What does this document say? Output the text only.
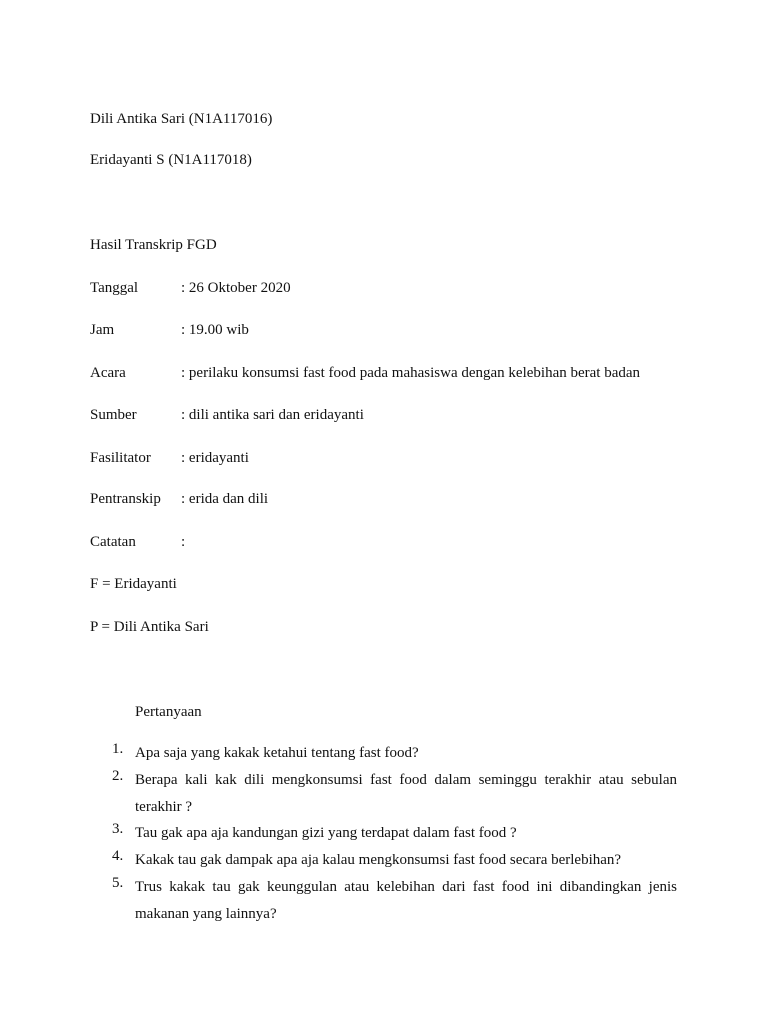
Dili Antika Sari (N1A117016)
Eridayanti S (N1A117018)
Hasil Transkrip FGD
Tanggal	: 26 Oktober 2020
Jam	: 19.00 wib
Acara	: perilaku konsumsi fast food pada mahasiswa dengan kelebihan berat badan
Sumber	: dili antika sari dan eridayanti
Fasilitator : eridayanti
Pentranskip : erida dan dili
Catatan	:
F = Eridayanti
P = Dili Antika Sari
Pertanyaan
1. Apa saja yang kakak ketahui tentang fast food?
2. Berapa kali kak dili mengkonsumsi fast food dalam seminggu terakhir atau sebulan terakhir ?
3. Tau gak apa aja kandungan gizi yang terdapat dalam fast food ?
4. Kakak tau gak dampak apa aja kalau mengkonsumsi fast food secara berlebihan?
5. Trus kakak tau gak keunggulan atau kelebihan dari fast food ini dibandingkan jenis makanan yang lainnya?
